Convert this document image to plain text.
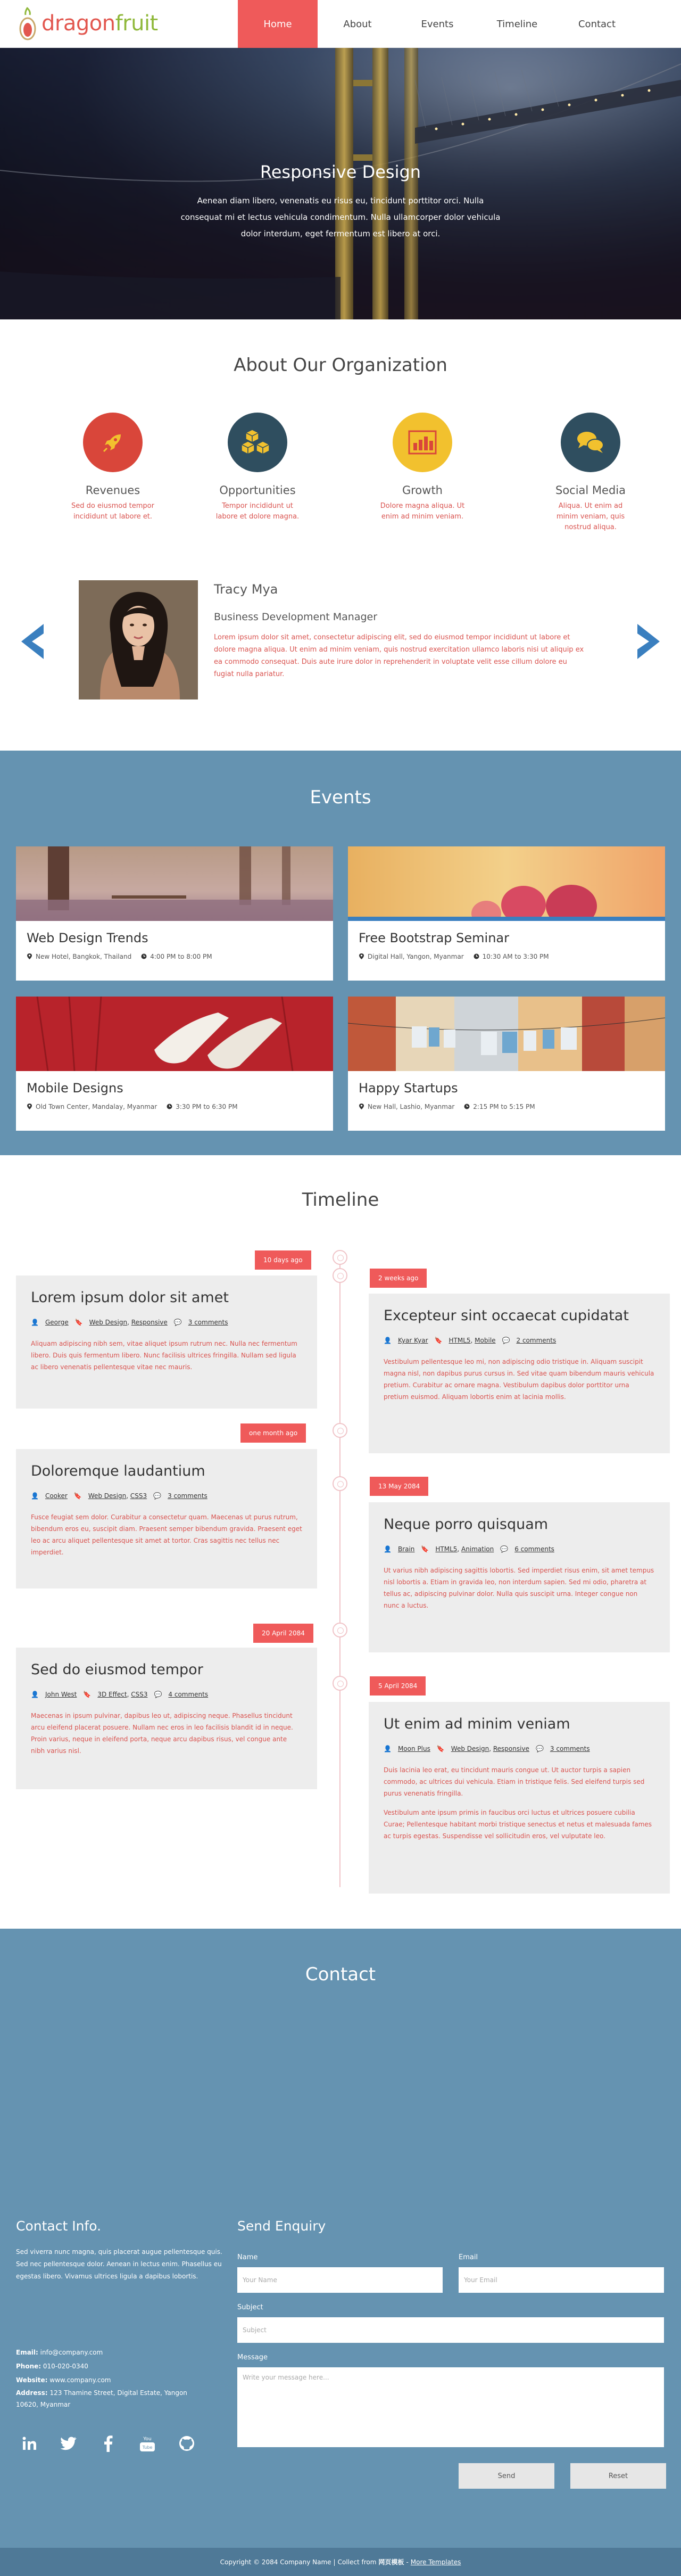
dragonfruit	Home	About	Events	Timeline	Contact
Responsive Design

Aenean diam libero, venenatis eu risus eu, tincidunt porttitor orci. Nulla consequat mi et lectus vehicula condimentum. Nulla ullamcorper dolor vehicula dolor interdum, eget fermentum est libero at orci.

About Our Organization
Revenues

Sed do eiusmod tempor incididunt ut labore et.

Opportunities

Tempor incididunt ut labore et dolore magna.

Growth

Dolore magna aliqua. Ut enim ad minim veniam.

Social Media

Aliqua. Ut enim ad minim veniam, quis nostrud aliqua.

Tracy Mya
Business Development Manager

Lorem ipsum dolor sit amet, consectetur adipiscing elit, sed do eiusmod tempor incididunt ut labore et dolore magna aliqua. Ut enim ad minim veniam, quis nostrud exercitation ullamco laboris nisi ut aliquip ex ea commodo consequat. Duis aute irure dolor in reprehenderit in voluptate velit esse cillum dolore eu fugiat nulla pariatur.

Events
Web Design Trends
New Hotel, Bangkok, Thailand	4:00 PM to 8:00 PM
Free Bootstrap Seminar
Digital Hall, Yangon, Myanmar	10:30 AM to 3:30 PM
Mobile Designs
Old Town Center, Mandalay, Myanmar	3:30 PM to 6:30 PM
Happy Startups
New Hall, Lashio, Myanmar	2:15 PM to 5:15 PM
Timeline
10 days ago
Lorem ipsum dolor sit amet
👤 George 🔖 Web Design, Responsive 💬 3 comments

Aliquam adipiscing nibh sem, vitae aliquet ipsum rutrum nec. Nulla nec fermentum libero. Duis quis fermentum libero. Nunc facilisis ultrices fringilla. Nullam sed ligula ac libero venenatis pellentesque vitae nec mauris.

2 weeks ago
Excepteur sint occaecat cupidatat
👤 Kyar Kyar 🔖 HTML5, Mobile 💬 2 comments

Vestibulum pellentesque leo mi, non adipiscing odio tristique in. Aliquam suscipit magna nisl, non dapibus purus cursus in. Sed vitae quam bibendum mauris vehicula pretium. Curabitur ac ornare magna. Vestibulum dapibus dolor porttitor urna pretium euismod. Aliquam lobortis enim at lacinia mollis.

one month ago
Doloremque laudantium
👤 Cooker 🔖 Web Design, CSS3 💬 3 comments

Fusce feugiat sem dolor. Curabitur a consectetur quam. Maecenas ut purus rutrum, bibendum eros eu, suscipit diam. Praesent semper bibendum gravida. Praesent eget leo ac arcu aliquet pellentesque sit amet at tortor. Cras sagittis nec tellus nec imperdiet.

13 May 2084
Neque porro quisquam
👤 Brain 🔖 HTML5, Animation 💬 6 comments

Ut varius nibh adipiscing sagittis lobortis. Sed imperdiet risus enim, sit amet tempus nisl lobortis a. Etiam in gravida leo, non interdum sapien. Sed mi odio, pharetra at tellus ac, adipiscing pulvinar dolor. Nulla quis suscipit urna. Integer congue non nunc a luctus.

20 April 2084
Sed do eiusmod tempor
👤 John West 🔖 3D Effect, CSS3 💬 4 comments

Maecenas in ipsum pulvinar, dapibus leo ut, adipiscing neque. Phasellus tincidunt arcu eleifend placerat posuere. Nullam nec eros in leo facilisis blandit id in neque. Proin varius, neque in eleifend porta, neque arcu dapibus risus, vel congue ante nibh varius nisl.

5 April 2084
Ut enim ad minim veniam
👤 Moon Plus 🔖 Web Design, Responsive 💬 3 comments

Duis lacinia leo erat, eu tincidunt mauris congue ut. Ut auctor turpis a sapien commodo, ac ultrices dui vehicula. Etiam in tristique felis. Sed eleifend turpis sed purus venenatis fringilla.

Vestibulum ante ipsum primis in faucibus orci luctus et ultrices posuere cubilia Curae; Pellentesque habitant morbi tristique senectus et netus et malesuada fames ac turpis egestas. Suspendisse vel sollicitudin eros, vel vulputate leo.

Contact
Contact Info.

Sed viverra nunc magna, quis placerat augue pellentesque quis. Sed nec pellentesque dolor. Aenean in lectus enim. Phasellus eu egestas libero. Vivamus ultrices ligula a dapibus lobortis.

Email: info@company.com
Phone: 010-020-0340
Website: www.company.com
Address: 123 Thamine Street, Digital Estate, Yangon 10620, Myanmar
Tube
You
Send Enquiry
Name
Your Name	Email
Your Email
Subject
Subject
Message
Write your message here...
Send	Reset
Copyright © 2084 Company Name | Collect from 网页模板 - More Templates
